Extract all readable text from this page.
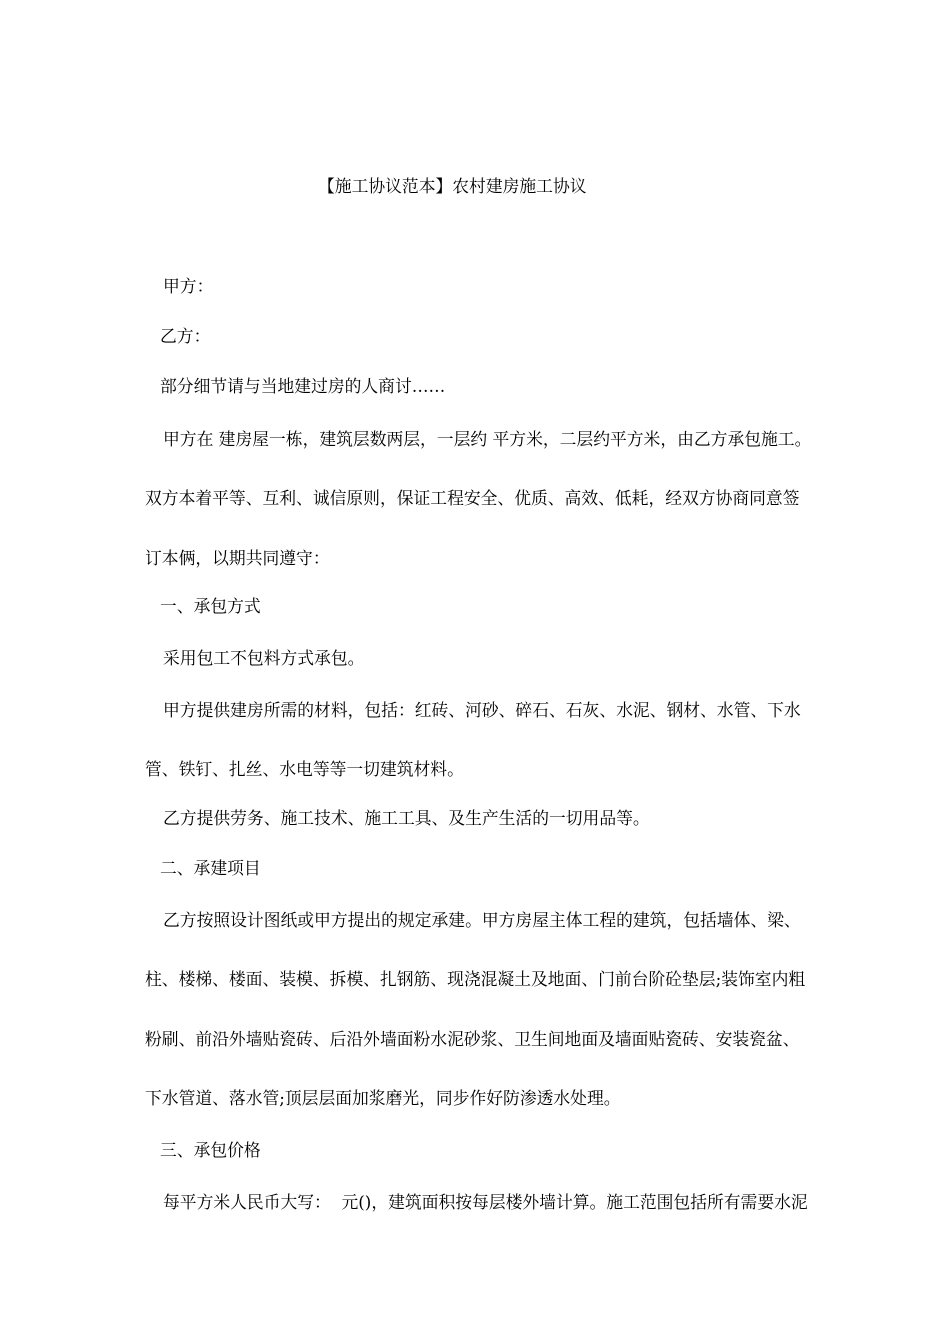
【施工协议范本】农村建房施工协议
甲方：
乙方：
部分细节请与当地建过房的人商讨……
甲方在 建房屋一栋，建筑层数两层，一层约 平方米，二层约平方米，由乙方承包施工。
双方本着平等、互利、诚信原则，保证工程安全、优质、高效、低耗，经双方协商同意签
订本俩，以期共同遵守：
一、承包方式
采用包工不包料方式承包。
甲方提供建房所需的材料，包括：红砖、河砂、碎石、石灰、水泥、钢材、水管、下水
管、铁钉、扎丝、水电等等一切建筑材料。
乙方提供劳务、施工技术、施工工具、及生产生活的一切用品等。
二、承建项目
乙方按照设计图纸或甲方提出的规定承建。甲方房屋主体工程的建筑，包括墙体、梁、
柱、楼梯、楼面、装模、拆模、扎钢筋、现浇混凝土及地面、门前台阶砼垫层;装饰室内粗
粉刷、前沿外墙贴瓷砖、后沿外墙面粉水泥砂浆、卫生间地面及墙面贴瓷砖、安装瓷盆、
下水管道、落水管;顶层层面加浆磨光，同步作好防渗透水处理。
三、承包价格
每平方米人民币大写：  元()，建筑面积按每层楼外墙计算。施工范围包括所有需要水泥
